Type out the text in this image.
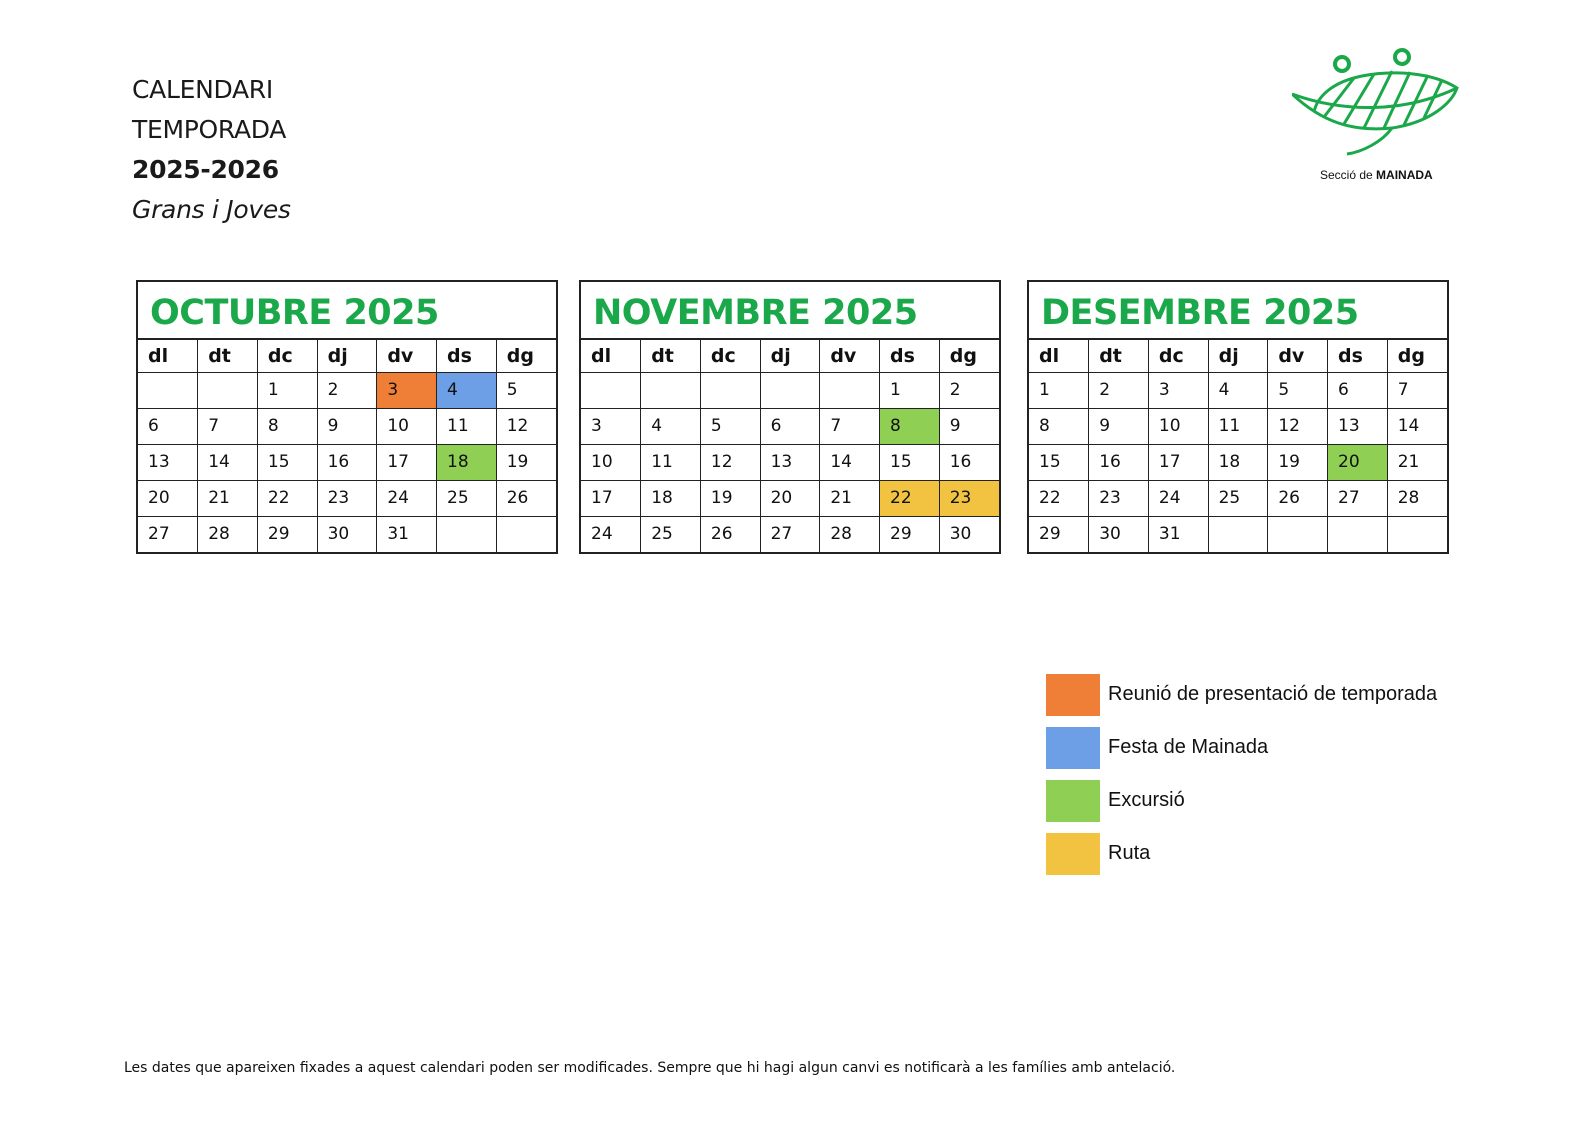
CALENDARI
TEMPORADA
2025-2026
Grans i Joves
Secció de MAINADA
OCTUBRE 2025
dl	dt	dc	dj	dv	ds	dg
		1	2	3	4	5
6	7	8	9	10	11	12
13	14	15	16	17	18	19
20	21	22	23	24	25	26
27	28	29	30	31		
NOVEMBRE 2025
dl	dt	dc	dj	dv	ds	dg
					1	2
3	4	5	6	7	8	9
10	11	12	13	14	15	16
17	18	19	20	21	22	23
24	25	26	27	28	29	30
DESEMBRE 2025
dl	dt	dc	dj	dv	ds	dg
1	2	3	4	5	6	7
8	9	10	11	12	13	14
15	16	17	18	19	20	21
22	23	24	25	26	27	28
29	30	31				
Reunió de presentació de temporada
Festa de Mainada
Excursió
Ruta
Les dates que apareixen fixades a aquest calendari poden ser modificades. Sempre que hi hagi algun canvi es notificarà a les famílies amb antelació.
